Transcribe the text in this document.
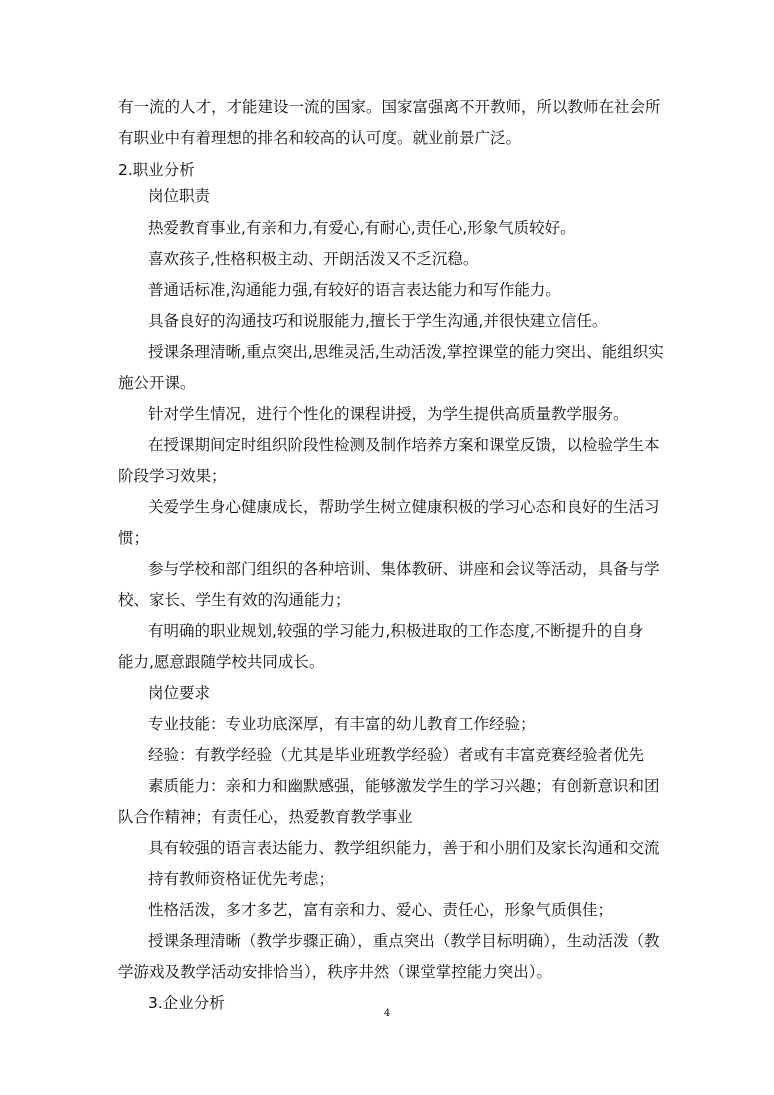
有一流的人才，才能建设一流的国家。国家富强离不开教师，所以教师在社会所
有职业中有着理想的排名和较高的认可度。就业前景广泛。
2.职业分析
岗位职责
热爱教育事业,有亲和力,有爱心,有耐心,责任心,形象气质较好。
喜欢孩子,性格积极主动、开朗活泼又不乏沉稳。
普通话标准,沟通能力强,有较好的语言表达能力和写作能力。
具备良好的沟通技巧和说服能力,擅长于学生沟通,并很快建立信任。
授课条理清晰,重点突出,思维灵活,生动活泼,掌控课堂的能力突出、能组织实
施公开课。
针对学生情况，进行个性化的课程讲授，为学生提供高质量教学服务。
在授课期间定时组织阶段性检测及制作培养方案和课堂反馈，以检验学生本
阶段学习效果；
关爱学生身心健康成长，帮助学生树立健康积极的学习心态和良好的生活习
惯；
参与学校和部门组织的各种培训、集体教研、讲座和会议等活动，具备与学
校、家长、学生有效的沟通能力；
有明确的职业规划,较强的学习能力,积极进取的工作态度,不断提升的自身
能力,愿意跟随学校共同成长。
岗位要求
专业技能：专业功底深厚，有丰富的幼儿教育工作经验；
经验：有教学经验（尤其是毕业班教学经验）者或有丰富竞赛经验者优先
素质能力：亲和力和幽默感强，能够激发学生的学习兴趣；有创新意识和团
队合作精神；有责任心，热爱教育教学事业
具有较强的语言表达能力、教学组织能力，善于和小朋们及家长沟通和交流
持有教师资格证优先考虑；
性格活泼，多才多艺，富有亲和力、爱心、责任心，形象气质俱佳；
授课条理清晰（教学步骤正确），重点突出（教学目标明确），生动活泼（教
学游戏及教学活动安排恰当），秩序井然（课堂掌控能力突出）。
3.企业分析
4
